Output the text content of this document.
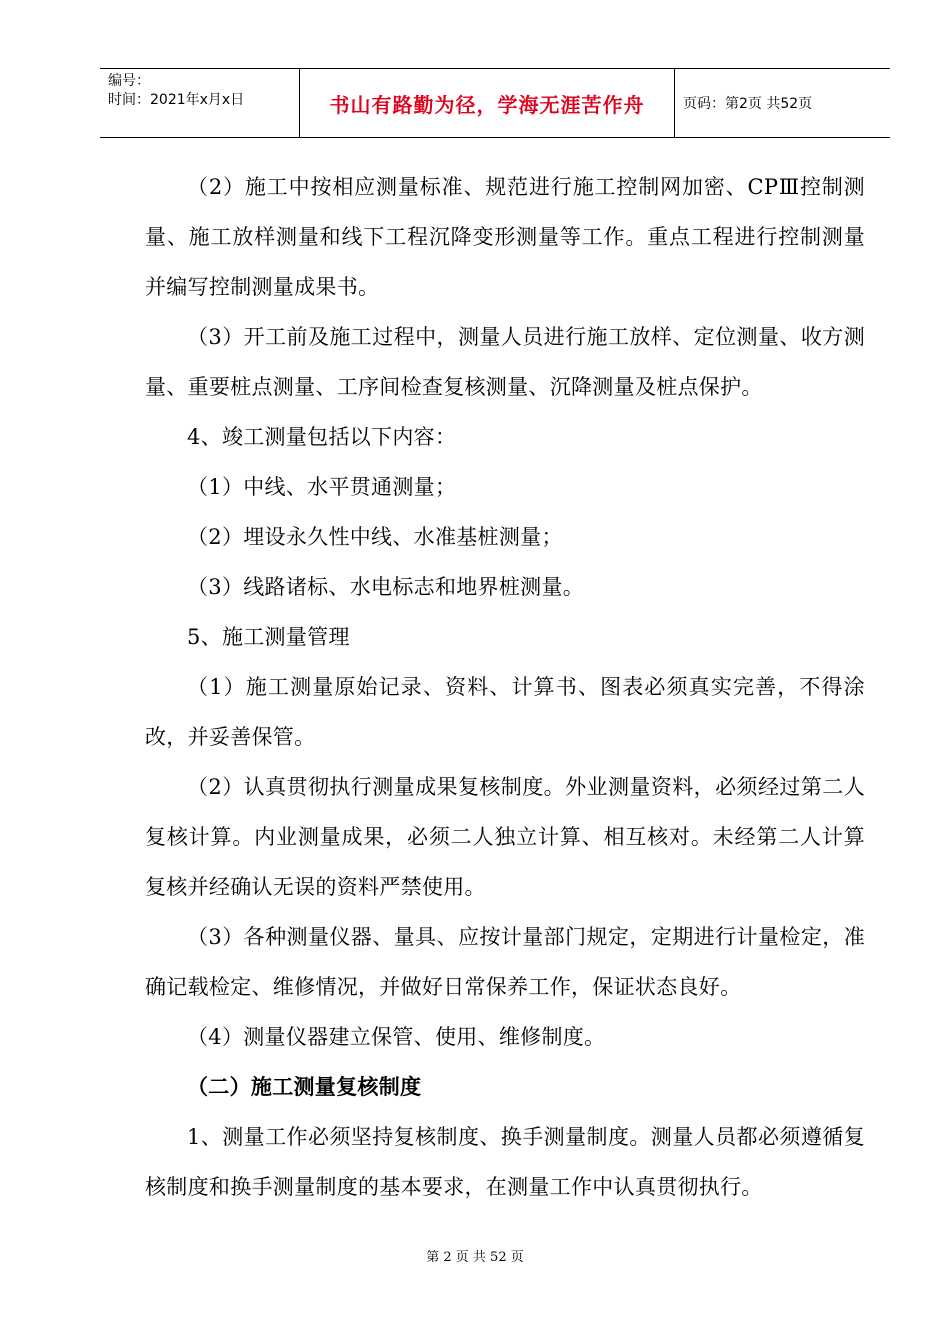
编号：
时间：2021年x月x日	书山有路勤为径，学海无涯苦作舟	页码：第2页 共52页

（2）施工中按相应测量标准、规范进行施工控制网加密、CPⅢ控制测量、施工放样测量和线下工程沉降变形测量等工作。重点工程进行控制测量并编写控制测量成果书。

（3）开工前及施工过程中，测量人员进行施工放样、定位测量、收方测量、重要桩点测量、工序间检查复核测量、沉降测量及桩点保护。

4、竣工测量包括以下内容：

（1）中线、水平贯通测量；

（2）埋设永久性中线、水准基桩测量；

（3）线路诸标、水电标志和地界桩测量。

5、施工测量管理

（1）施工测量原始记录、资料、计算书、图表必须真实完善，不得涂改，并妥善保管。

（2）认真贯彻执行测量成果复核制度。外业测量资料，必须经过第二人复核计算。内业测量成果，必须二人独立计算、相互核对。未经第二人计算复核并经确认无误的资料严禁使用。

（3）各种测量仪器、量具、应按计量部门规定，定期进行计量检定，准确记载检定、维修情况，并做好日常保养工作，保证状态良好。

（4）测量仪器建立保管、使用、维修制度。

（二）施工测量复核制度

1、测量工作必须坚持复核制度、换手测量制度。测量人员都必须遵循复核制度和换手测量制度的基本要求，在测量工作中认真贯彻执行。

第 2 页 共 52 页
